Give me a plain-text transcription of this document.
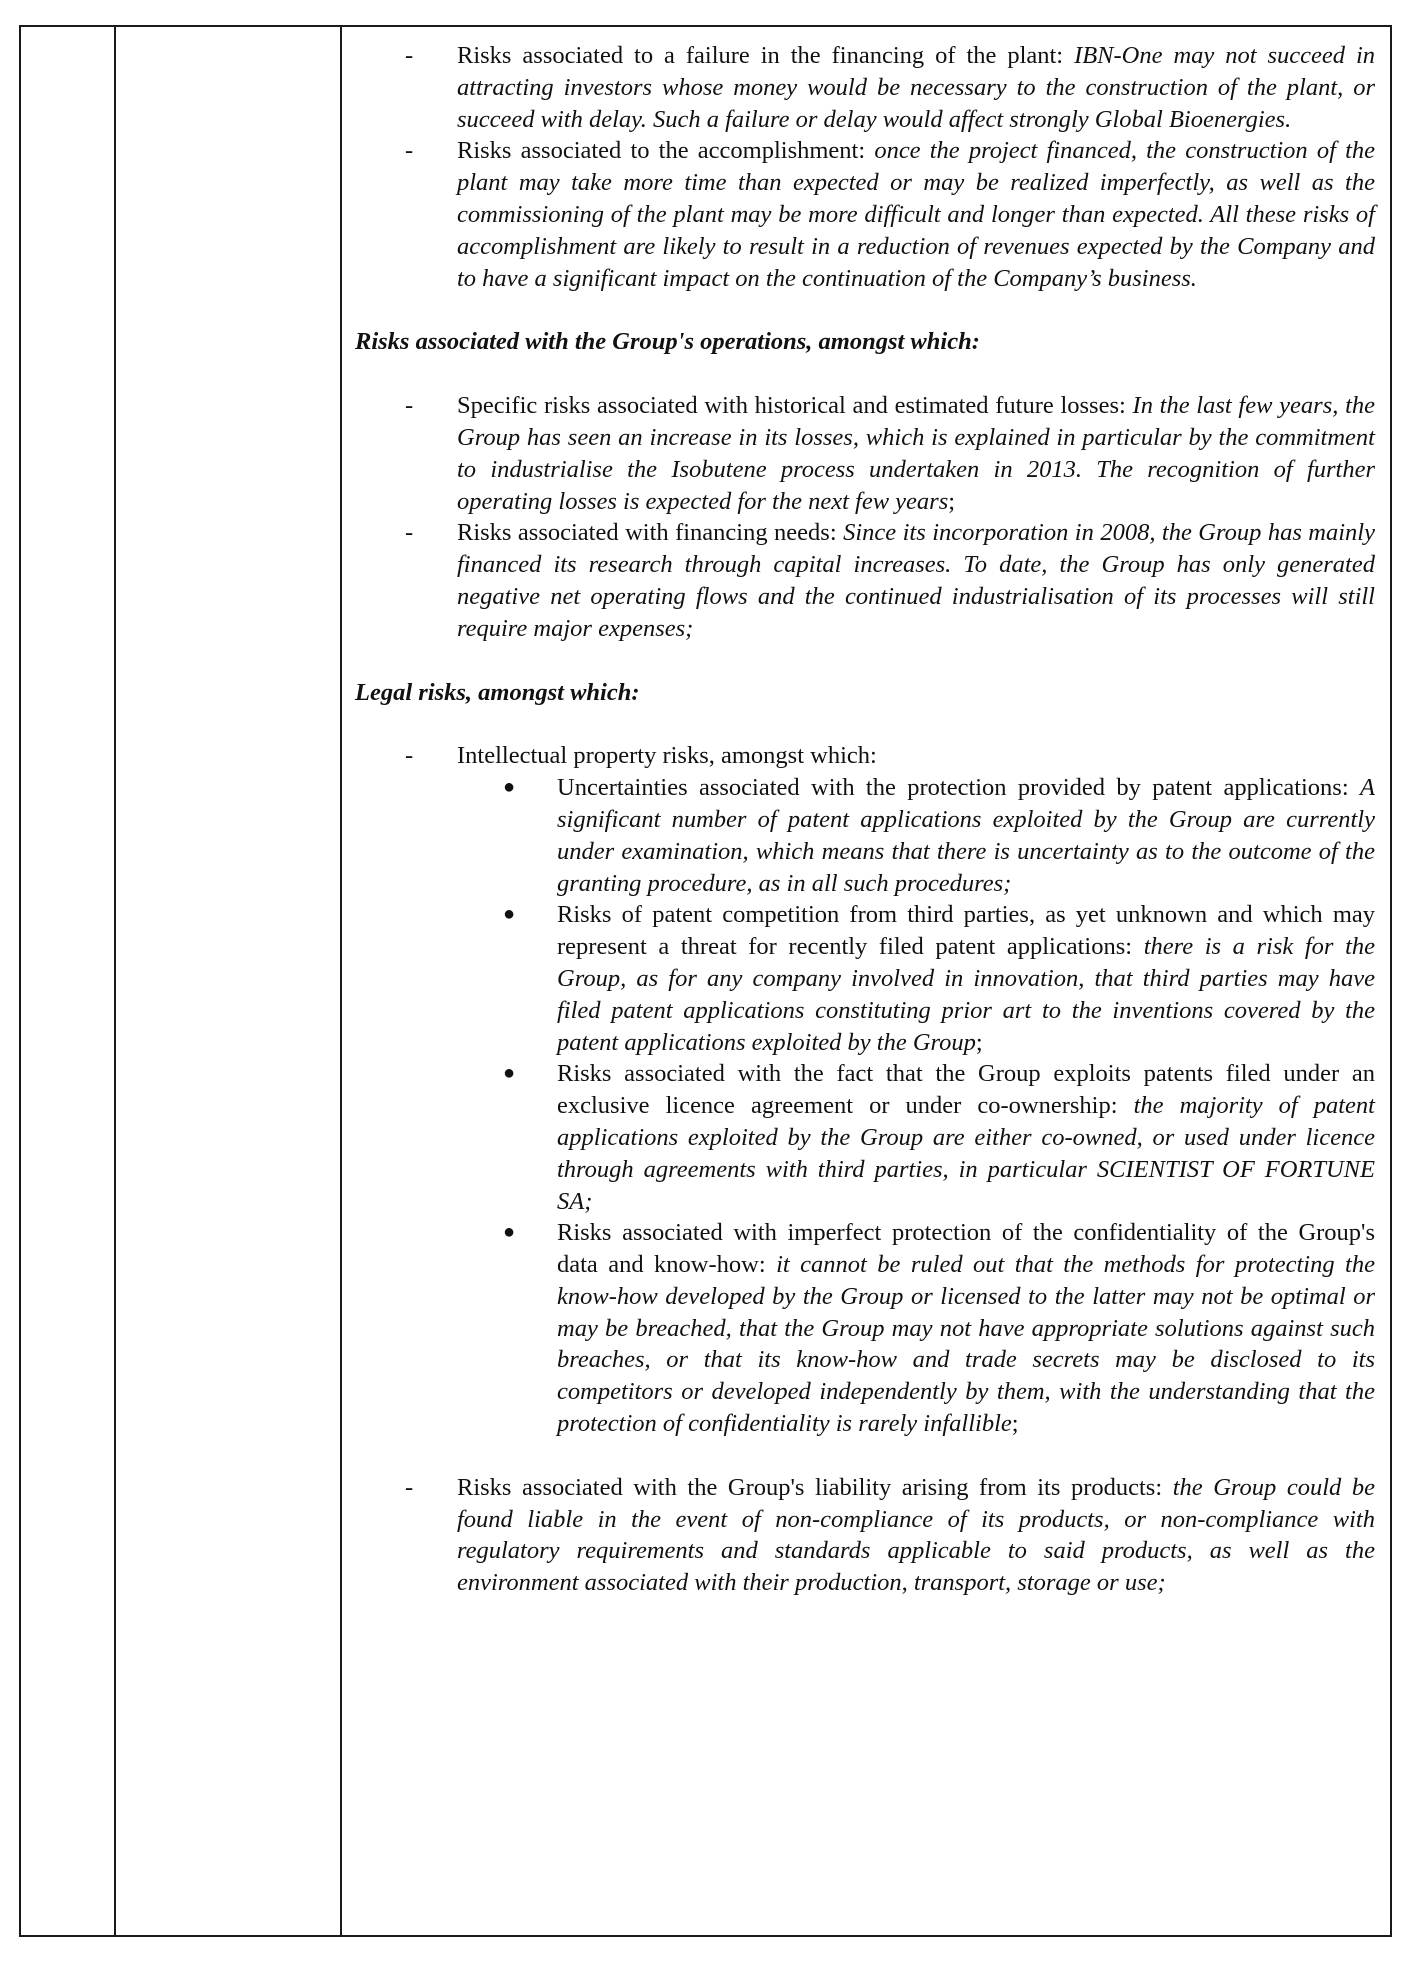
- Risks associated to a failure in the financing of the plant: IBN-One may not succeed in attracting investors whose money would be necessary to the construction of the plant, or succeed with delay. Such a failure or delay would affect strongly Global Bioenergies.
- Risks associated to the accomplishment: once the project financed, the construction of the plant may take more time than expected or may be realized imperfectly, as well as the commissioning of the plant may be more difficult and longer than expected. All these risks of accomplishment are likely to result in a reduction of revenues expected by the Company and to have a significant impact on the continuation of the Company’s business.
Risks associated with the Group's operations, amongst which:
- Specific risks associated with historical and estimated future losses: In the last few years, the Group has seen an increase in its losses, which is explained in particular by the commitment to industrialise the Isobutene process undertaken in 2013. The recognition of further operating losses is expected for the next few years;
- Risks associated with financing needs: Since its incorporation in 2008, the Group has mainly financed its research through capital increases. To date, the Group has only generated negative net operating flows and the continued industrialisation of its processes will still require major expenses;
Legal risks, amongst which:
- Intellectual property risks, amongst which:
● Uncertainties associated with the protection provided by patent applications: A significant number of patent applications exploited by the Group are currently under examination, which means that there is uncertainty as to the outcome of the granting procedure, as in all such procedures;
● Risks of patent competition from third parties, as yet unknown and which may represent a threat for recently filed patent applications: there is a risk for the Group, as for any company involved in innovation, that third parties may have filed patent applications constituting prior art to the inventions covered by the patent applications exploited by the Group;
● Risks associated with the fact that the Group exploits patents filed under an exclusive licence agreement or under co-ownership: the majority of patent applications exploited by the Group are either co-owned, or used under licence through agreements with third parties, in particular SCIENTIST OF FORTUNE SA;
● Risks associated with imperfect protection of the confidentiality of the Group's data and know-how: it cannot be ruled out that the methods for protecting the know-how developed by the Group or licensed to the latter may not be optimal or may be breached, that the Group may not have appropriate solutions against such breaches, or that its know-how and trade secrets may be disclosed to its competitors or developed independently by them, with the understanding that the protection of confidentiality is rarely infallible;
- Risks associated with the Group's liability arising from its products: the Group could be found liable in the event of non-compliance of its products, or non-compliance with regulatory requirements and standards applicable to said products, as well as the environment associated with their production, transport, storage or use;
